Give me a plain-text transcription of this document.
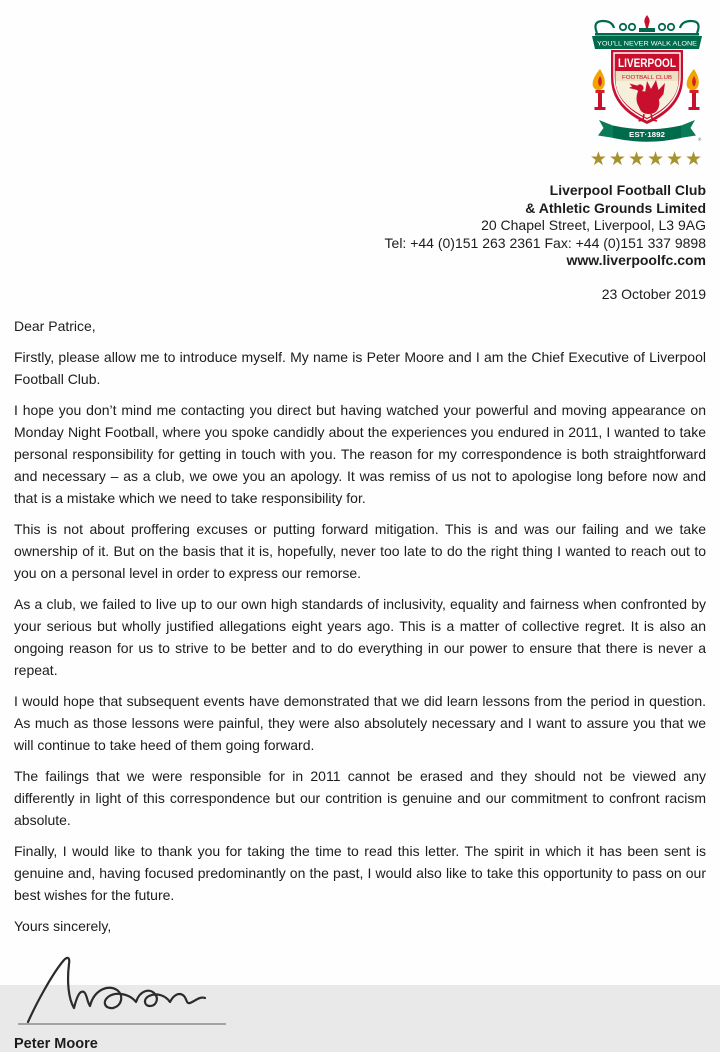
YOU'LL NEVER WALK ALONE
LIVERPOOL
FOOTBALL CLUB
EST·1892
®
★★★★★★
Liverpool Football Club
& Athletic Grounds Limited
20 Chapel Street, Liverpool, L3 9AG
Tel: +44 (0)151 263 2361 Fax: +44 (0)151 337 9898
www.liverpoolfc.com
23 October 2019

Dear Patrice,

Firstly, please allow me to introduce myself. My name is Peter Moore and I am the Chief Executive of Liverpool Football Club.

I hope you don’t mind me contacting you direct but having watched your powerful and moving appearance on Monday Night Football, where you spoke candidly about the experiences you endured in 2011, I wanted to take personal responsibility for getting in touch with you. The reason for my correspondence is both straightforward and necessary – as a club, we owe you an apology. It was remiss of us not to apologise long before now and that is a mistake which we need to take responsibility for.

This is not about proffering excuses or putting forward mitigation. This is and was our failing and we take ownership of it. But on the basis that it is, hopefully, never too late to do the right thing I wanted to reach out to you on a personal level in order to express our remorse.

As a club, we failed to live up to our own high standards of inclusivity, equality and fairness when confronted by your serious but wholly justified allegations eight years ago. This is a matter of collective regret. It is also an ongoing reason for us to strive to be better and to do everything in our power to ensure that there is never a repeat.

I would hope that subsequent events have demonstrated that we did learn lessons from the period in question. As much as those lessons were painful, they were also absolutely necessary and I want to assure you that we will continue to take heed of them going forward.

The failings that we were responsible for in 2011 cannot be erased and they should not be viewed any differently in light of this correspondence but our contrition is genuine and our commitment to confront racism absolute.

Finally, I would like to thank you for taking the time to read this letter. The spirit in which it has been sent is genuine and, having focused predominantly on the past, I would also like to take this opportunity to pass on our best wishes for the future.

Yours sincerely,

Peter Moore
